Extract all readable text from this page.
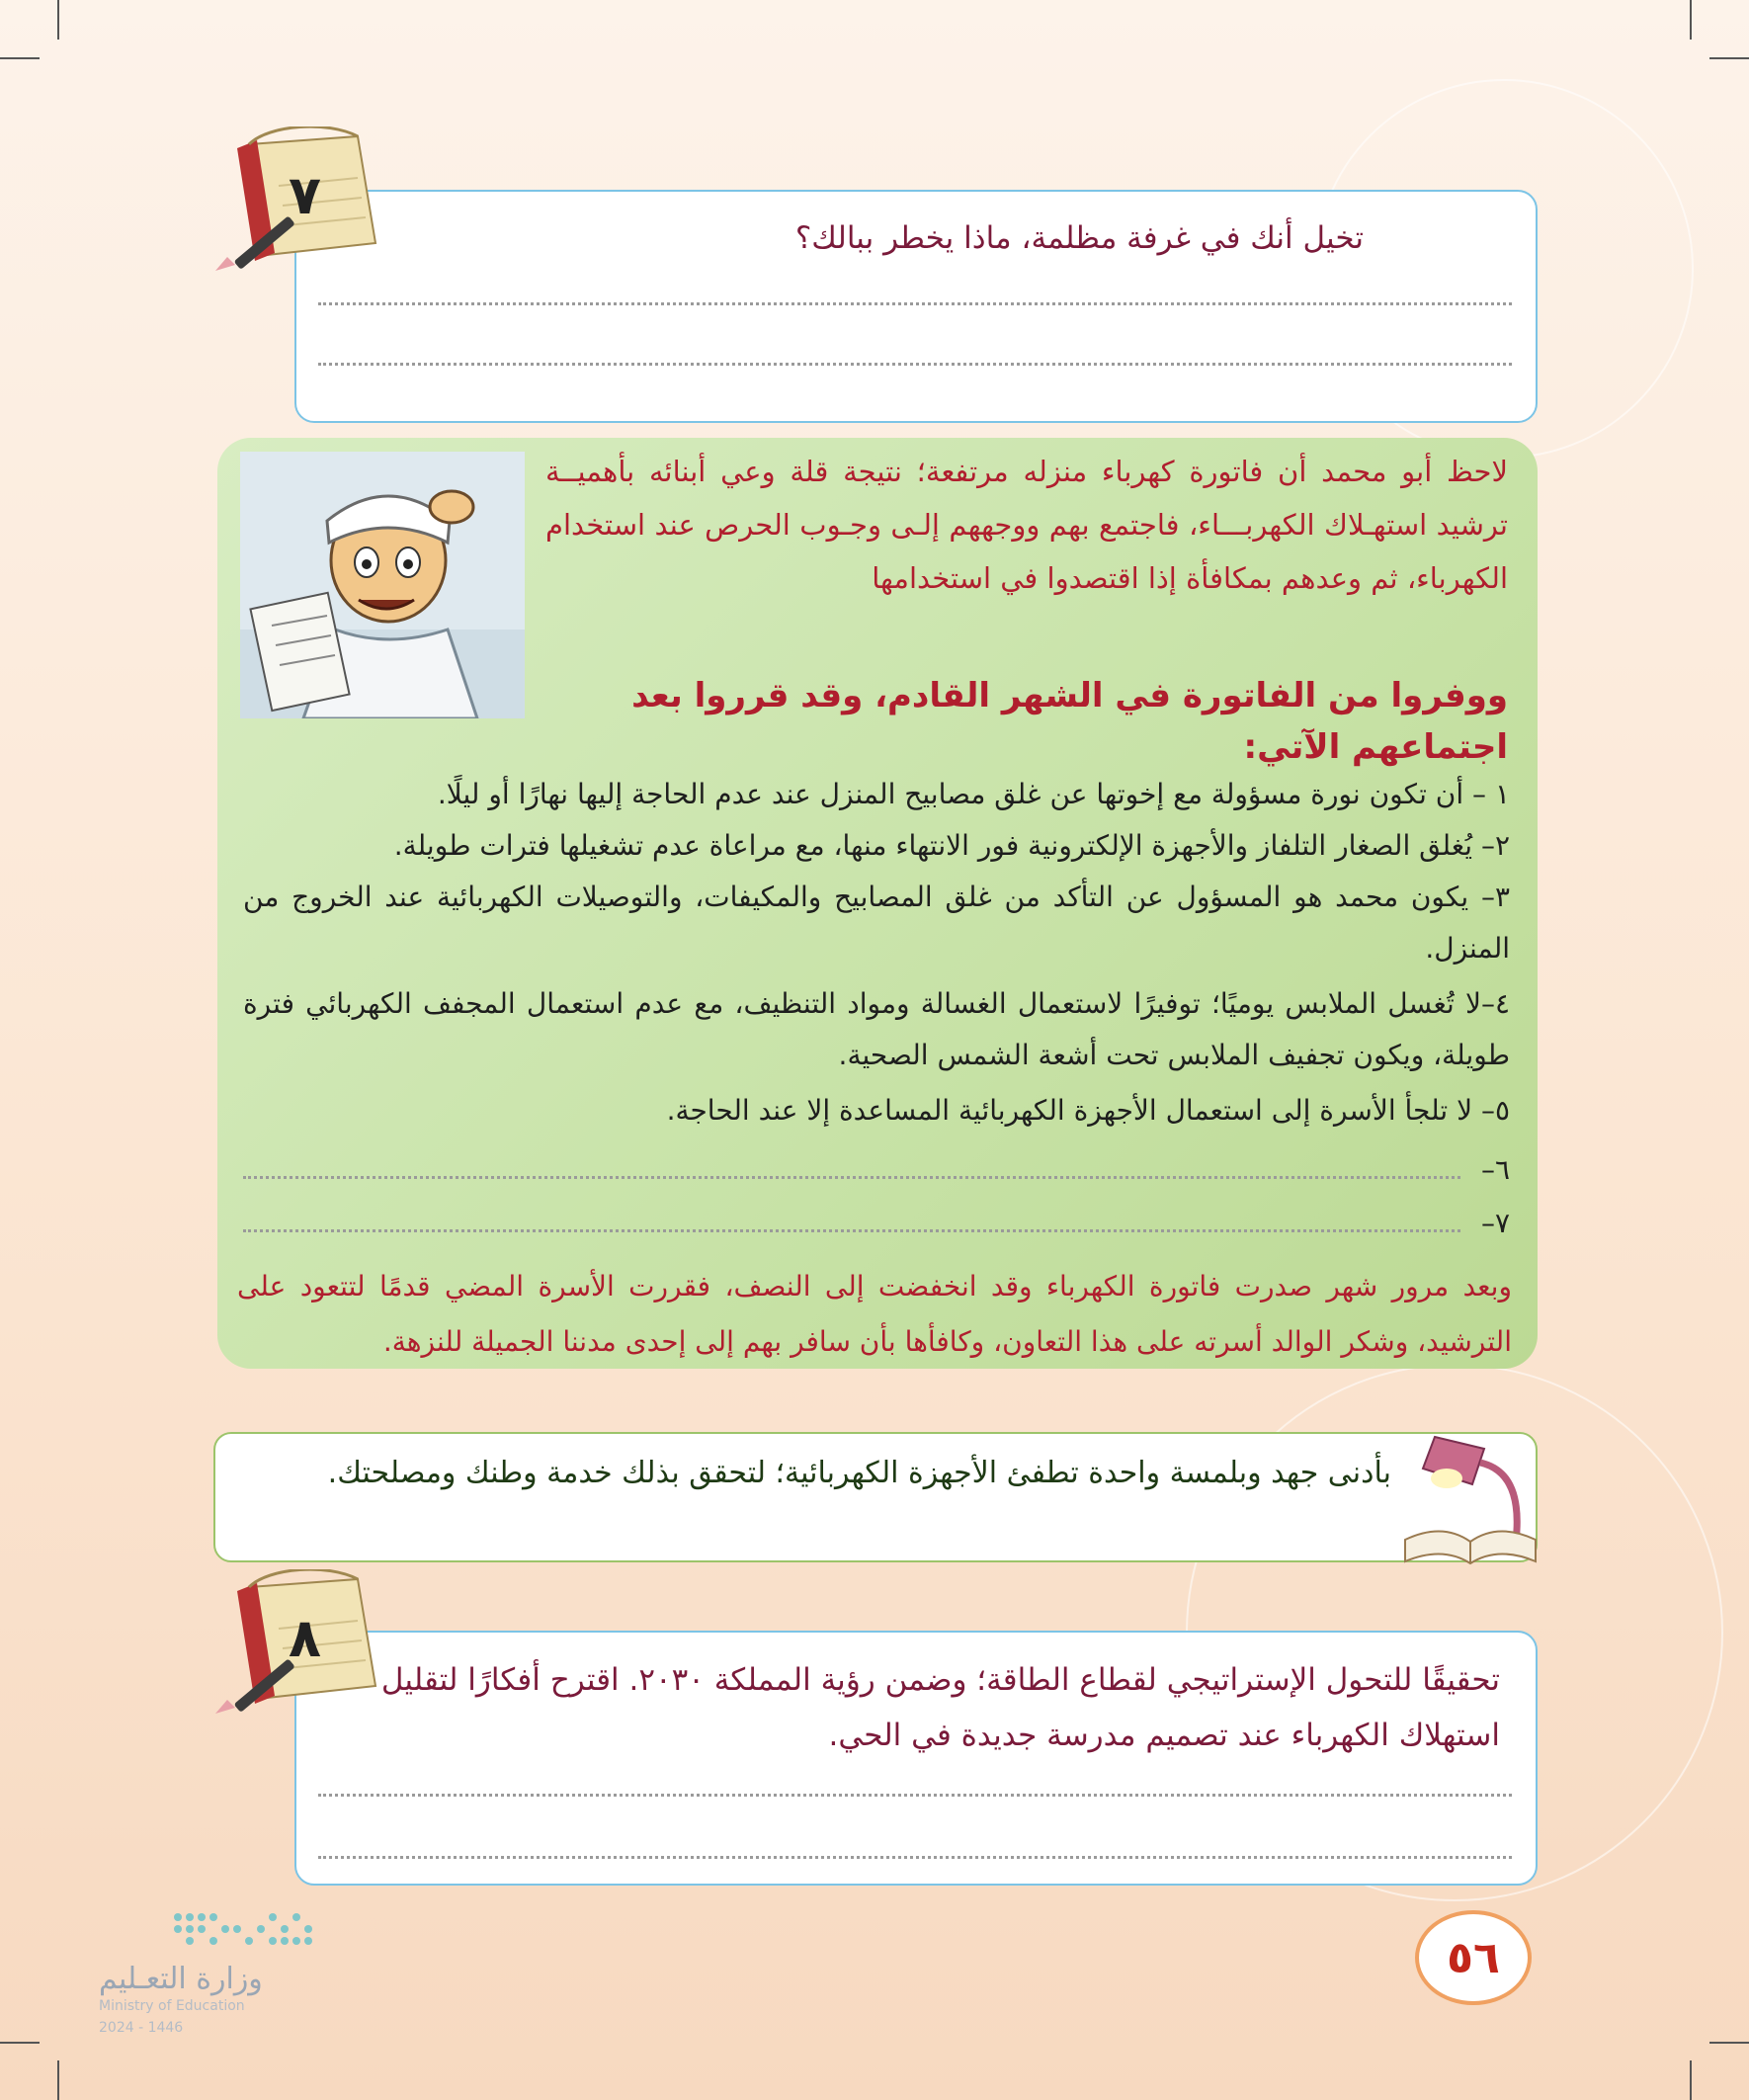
تخيل أنك في غرفة مظلمة، ماذا يخطر ببالك؟
٧
لاحظ أبو محمد أن فاتورة كهرباء منزله مرتفعة؛ نتيجة قلة وعي أبنائه بأهميــة ترشيد استهـلاك الكهربـــاء، فاجتمع بهم ووجههم إلـى وجـوب الحرص عند استخدام الكهرباء، ثم وعدهم بمكافأة إذا اقتصدوا في استخدامها
ووفروا من الفاتورة في الشهر القادم، وقد قرروا بعد اجتماعهم الآتي:
١ – أن تكون نورة مسؤولة مع إخوتها عن غلق مصابيح المنزل عند عدم الحاجة إليها نهارًا أو ليلًا.
٢– يُغلق الصغار التلفاز والأجهزة الإلكترونية فور الانتهاء منها، مع مراعاة عدم تشغيلها فترات طويلة.
٣– يكون محمد هو المسؤول عن التأكد من غلق المصابيح والمكيفات، والتوصيلات الكهربائية عند الخروج من المنزل.
٤–لا تُغسل الملابس يوميًا؛ توفيرًا لاستعمال الغسالة ومواد التنظيف، مع عدم استعمال المجفف الكهربائي فترة طويلة، ويكون تجفيف الملابس تحت أشعة الشمس الصحية.
٥– لا تلجأ الأسرة إلى استعمال الأجهزة الكهربائية المساعدة إلا عند الحاجة.
٦–
٧–
وبعد مرور شهر صدرت فاتورة الكهرباء وقد انخفضت إلى النصف، فقررت الأسرة المضي قدمًا لتتعود على الترشيد، وشكر الوالد أسرته على هذا التعاون، وكافأها بأن سافر بهم إلى إحدى مدننا الجميلة للنزهة.
بأدنى جهد وبلمسة واحدة تطفئ الأجهزة الكهربائية؛ لتحقق بذلك خدمة وطنك ومصلحتك.
تحقيقًا للتحول الإستراتيجي لقطاع الطاقة؛ وضمن رؤية المملكة ٢٠٣٠. اقترح أفكارًا لتقليل استهلاك الكهرباء عند تصميم مدرسة جديدة في الحي.
٨
٥٦
وزارة التعـليم
Ministry of Education
2024 - 1446
